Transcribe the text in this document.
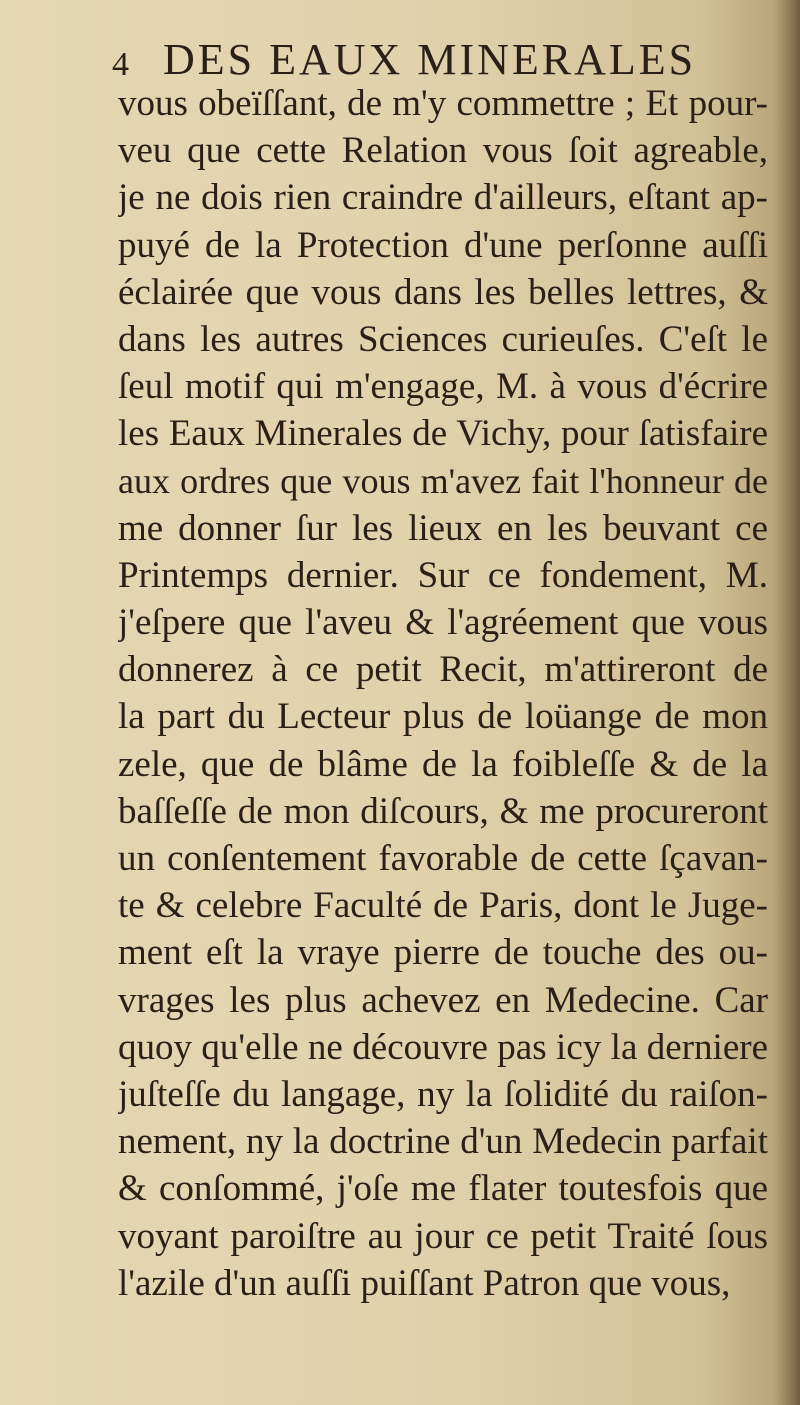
4 DES EAUX MINERALES
vous obeïſſant, de m'y commettre ; Et pour-
veu que cette Relation vous ſoit agreable,
je ne dois rien craindre d'ailleurs, eſtant ap-
puyé de la Protection d'une perſonne auſſi
éclairée que vous dans les belles lettres, &
dans les autres Sciences curieuſes. C'eſt le
ſeul motif qui m'engage, M. à vous d'écrire
les Eaux Minerales de Vichy, pour ſatisfaire
aux ordres que vous m'avez fait l'honneur de
me donner ſur les lieux en les beuvant ce
Printemps dernier. Sur ce fondement, M.
j'eſpere que l'aveu & l'agréement que vous
donnerez à ce petit Recit, m'attireront de
la part du Lecteur plus de loüange de mon
zele, que de blâme de la foibleſſe & de la
baſſeſſe de mon diſcours, & me procureront
un conſentement favorable de cette ſçavan-
te & celebre Faculté de Paris, dont le Juge-
ment eſt la vraye pierre de touche des ou-
vrages les plus achevez en Medecine. Car
quoy qu'elle ne découvre pas icy la derniere
juſteſſe du langage, ny la ſolidité du raiſon-
nement, ny la doctrine d'un Medecin parfait
& conſommé, j'oſe me flater toutesfois que
voyant paroiſtre au jour ce petit Traité ſous
l'azile d'un auſſi puiſſant Patron que vous,
